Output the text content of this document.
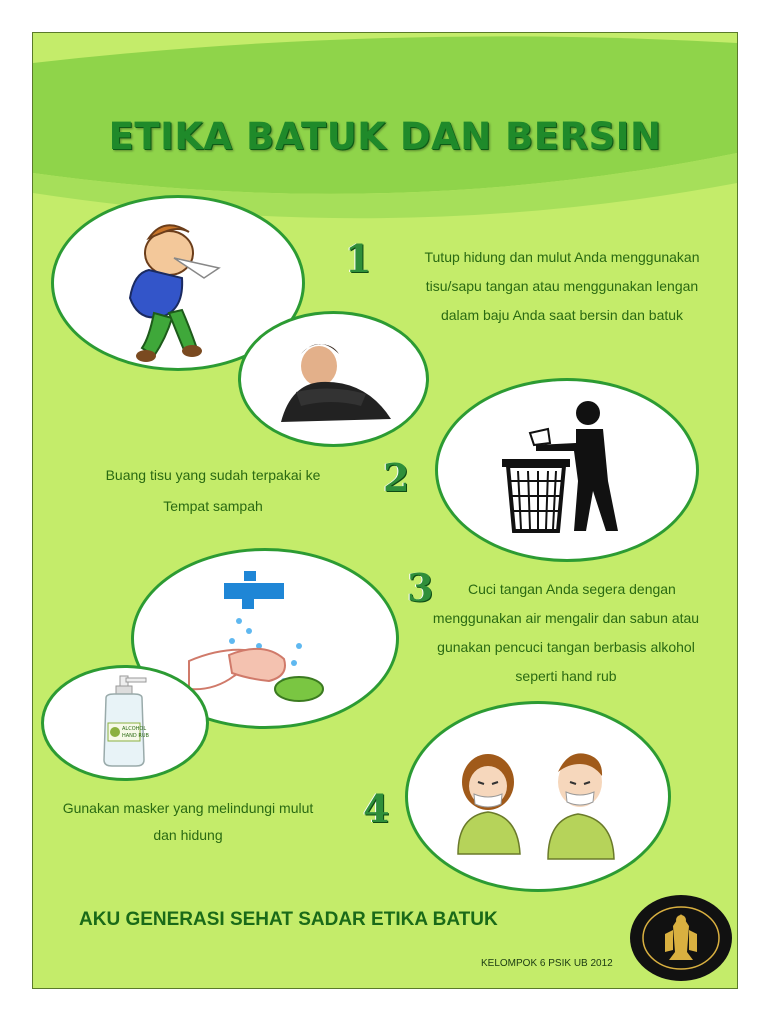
ETIKA BATUK DAN BERSIN
1	Tutup hidung dan mulut Anda menggunakan
tisu/sapu tangan atau menggunakan lengan
dalam baju Anda saat bersin dan batuk
2
Buang tisu yang sudah terpakai ke
Tempat sampah
ALCOHOL
HAND RUB
3	Cuci tangan Anda segera dengan
menggunakan air mengalir dan sabun atau
gunakan pencuci tangan berbasis alkohol
seperti hand rub
4
Gunakan masker yang melindungi mulut
dan hidung
AKU GENERASI SEHAT SADAR ETIKA BATUK
KELOMPOK 6 PSIK UB 2012
